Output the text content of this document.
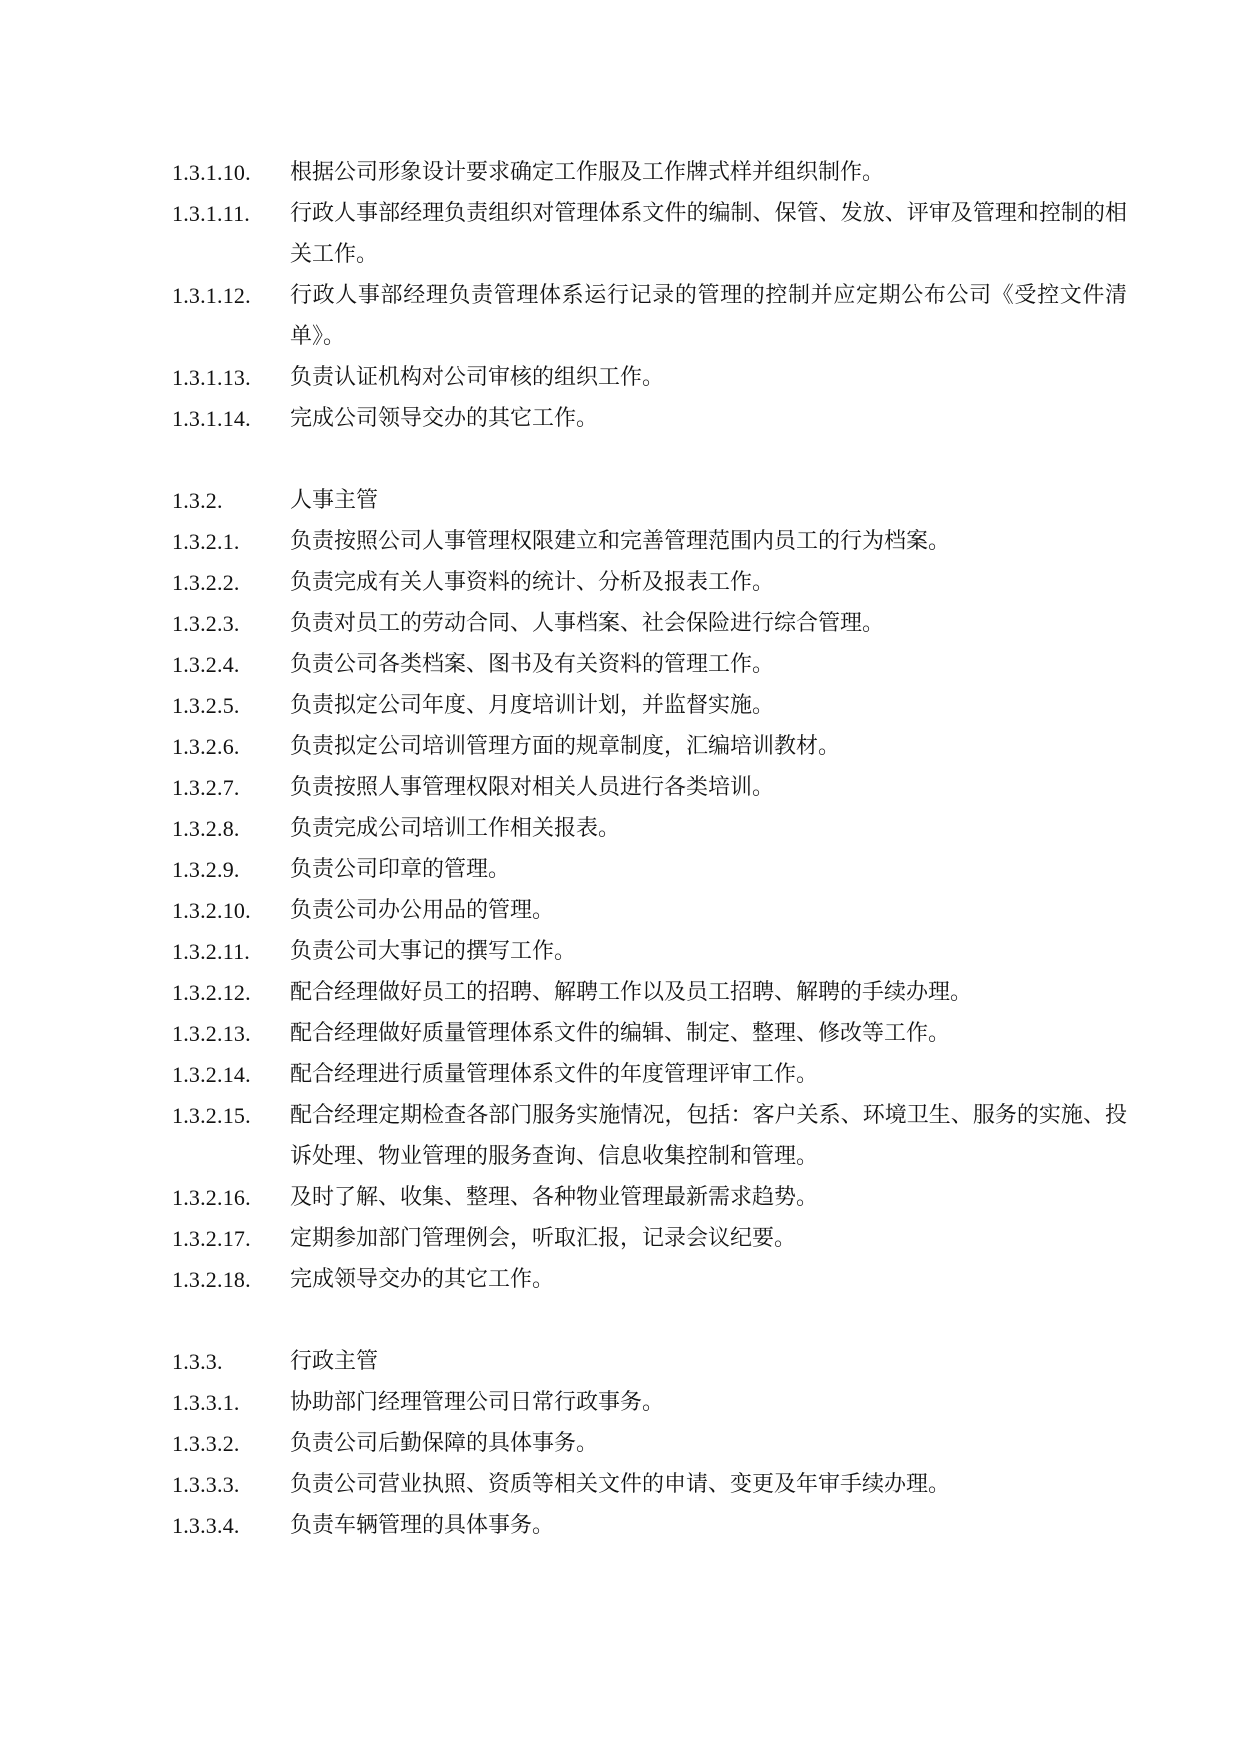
1.3.1.10.	根据公司形象设计要求确定工作服及工作牌式样并组织制作。
1.3.1.11.	行政人事部经理负责组织对管理体系文件的编制、保管、发放、评审及管理和控制的相关工作。
1.3.1.12.	行政人事部经理负责管理体系运行记录的管理的控制并应定期公布公司《受控文件清单》。
1.3.1.13.	负责认证机构对公司审核的组织工作。
1.3.1.14.	完成公司领导交办的其它工作。
1.3.2.	人事主管
1.3.2.1.	负责按照公司人事管理权限建立和完善管理范围内员工的行为档案。
1.3.2.2.	负责完成有关人事资料的统计、分析及报表工作。
1.3.2.3.	负责对员工的劳动合同、人事档案、社会保险进行综合管理。
1.3.2.4.	负责公司各类档案、图书及有关资料的管理工作。
1.3.2.5.	负责拟定公司年度、月度培训计划，并监督实施。
1.3.2.6.	负责拟定公司培训管理方面的规章制度，汇编培训教材。
1.3.2.7.	负责按照人事管理权限对相关人员进行各类培训。
1.3.2.8.	负责完成公司培训工作相关报表。
1.3.2.9.	负责公司印章的管理。
1.3.2.10.	负责公司办公用品的管理。
1.3.2.11.	负责公司大事记的撰写工作。
1.3.2.12.	配合经理做好员工的招聘、解聘工作以及员工招聘、解聘的手续办理。
1.3.2.13.	配合经理做好质量管理体系文件的编辑、制定、整理、修改等工作。
1.3.2.14.	配合经理进行质量管理体系文件的年度管理评审工作。
1.3.2.15.	配合经理定期检查各部门服务实施情况，包括：客户关系、环境卫生、服务的实施、投诉处理、物业管理的服务查询、信息收集控制和管理。
1.3.2.16.	及时了解、收集、整理、各种物业管理最新需求趋势。
1.3.2.17.	定期参加部门管理例会，听取汇报，记录会议纪要。
1.3.2.18.	完成领导交办的其它工作。
1.3.3.	行政主管
1.3.3.1.	协助部门经理管理公司日常行政事务。
1.3.3.2.	负责公司后勤保障的具体事务。
1.3.3.3.	负责公司营业执照、资质等相关文件的申请、变更及年审手续办理。
1.3.3.4.	负责车辆管理的具体事务。
